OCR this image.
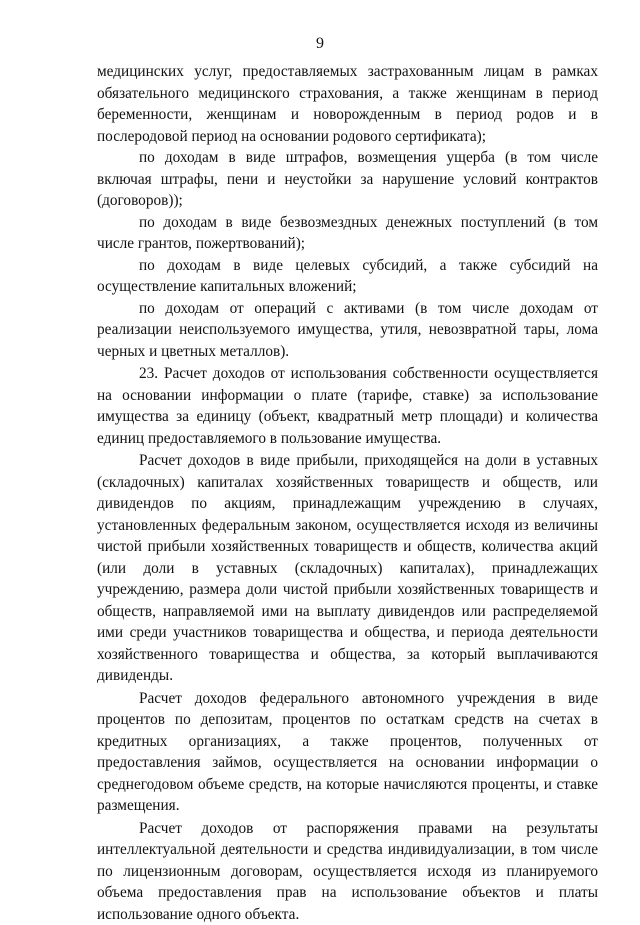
9

медицинских услуг, предоставляемых застрахованным лицам в рамках обязательного медицинского страхования, а также женщинам в период беременности, женщинам и новорожденным в период родов и в послеродовой период на основании родового сертификата);

по доходам в виде штрафов, возмещения ущерба (в том числе включая штрафы, пени и неустойки за нарушение условий контрактов (договоров));

по доходам в виде безвозмездных денежных поступлений (в том числе грантов, пожертвований);

по доходам в виде целевых субсидий, а также субсидий на осуществление капитальных вложений;

по доходам от операций с активами (в том числе доходам от реализации неиспользуемого имущества, утиля, невозвратной тары, лома черных и цветных металлов).

23. Расчет доходов от использования собственности осуществляется на основании информации о плате (тарифе, ставке) за использование имущества за единицу (объект, квадратный метр площади) и количества единиц предоставляемого в пользование имущества.

Расчет доходов в виде прибыли, приходящейся на доли в уставных (складочных) капиталах хозяйственных товариществ и обществ, или дивидендов по акциям, принадлежащим учреждению в случаях, установленных федеральным законом, осуществляется исходя из величины чистой прибыли хозяйственных товариществ и обществ, количества акций (или доли в уставных (складочных) капиталах), принадлежащих учреждению, размера доли чистой прибыли хозяйственных товариществ и обществ, направляемой ими на выплату дивидендов или распределяемой ими среди участников товарищества и общества, и периода деятельности хозяйственного товарищества и общества, за который выплачиваются дивиденды.

Расчет доходов федерального автономного учреждения в виде процентов по депозитам, процентов по остаткам средств на счетах в кредитных организациях, а также процентов, полученных от предоставления займов, осуществляется на основании информации о среднегодовом объеме средств, на которые начисляются проценты, и ставке размещения.

Расчет доходов от распоряжения правами на результаты интеллектуальной деятельности и средства индивидуализации, в том числе по лицензионным договорам, осуществляется исходя из планируемого объема предоставления прав на использование объектов и платы использование одного объекта.
